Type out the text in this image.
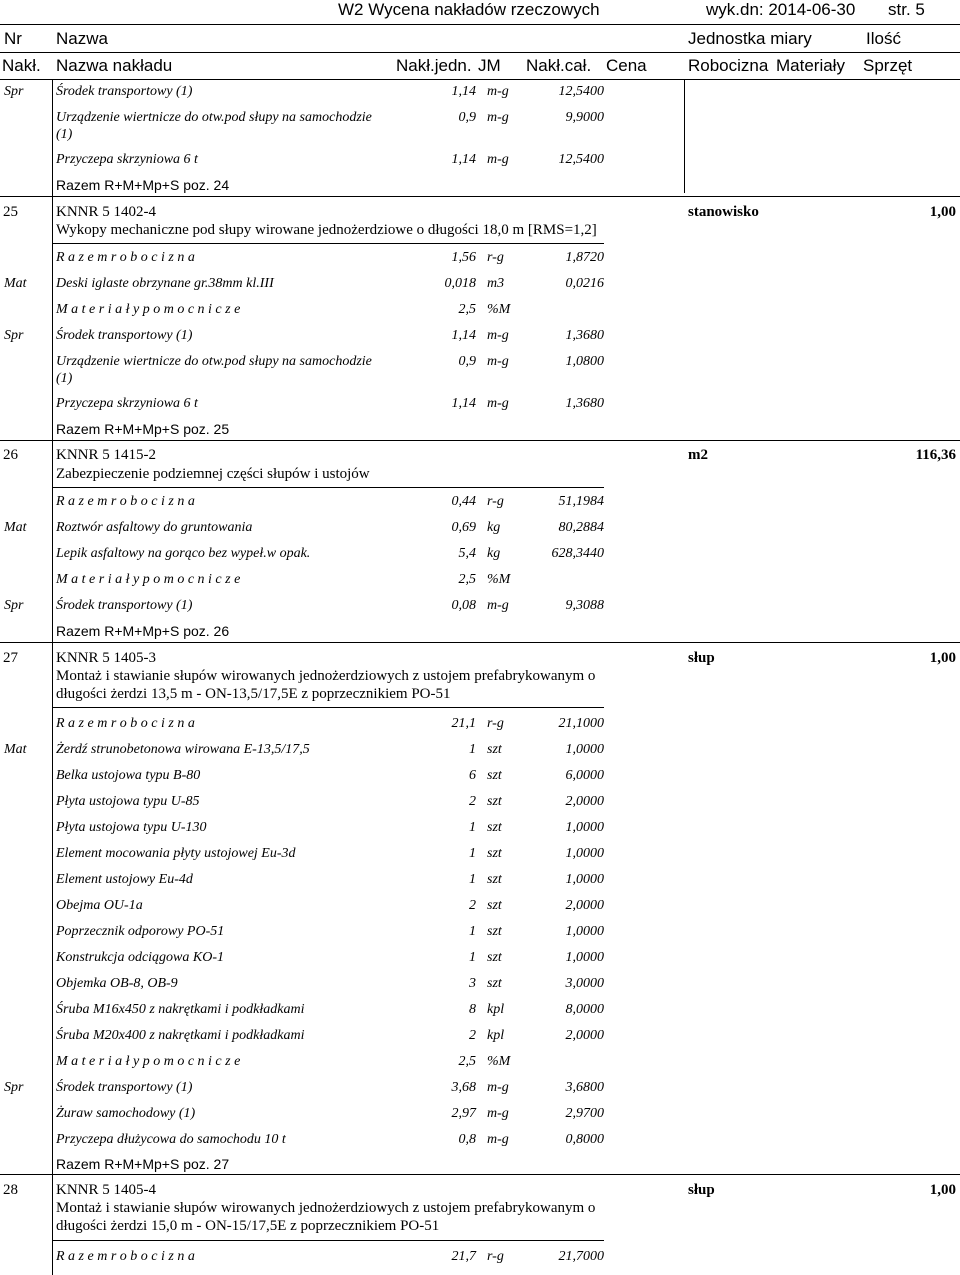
W2 Wycena nakładów rzeczowych	wyk.dn: 2014-06-30 str. 5
Nr Nazwa	Jednostka miary	Ilość
Nakł. Nazwa nakładu	Nakł.jedn. JM Nakł.cał. Cena Robocizna Materiały Sprzęt
Spr Środek transportowy (1)	1,14 m-g	12,5400
Urządzenie wiertnicze do otw.pod słupy na samochodzie
(1)
0,9 m-g	9,9000
Przyczepa skrzyniowa 6 t	1,14 m-g	12,5400
Razem R+M+Mp+S poz. 24
25	KNNR 5 1402-4
Wykopy mechaniczne pod słupy wirowane jednożerdziowe o długości 18,0 m [RMS=1,2]
stanowisko	1,00
R a z e m r o b o c i z n a	1,56 r-g	1,8720
Mat Deski iglaste obrzynane gr.38mm kl.III	0,018 m3	0,0216
M a t e r i a ł y p o m o c n i c z e	2,5 %M
Spr Środek transportowy (1)	1,14 m-g	1,3680
Urządzenie wiertnicze do otw.pod słupy na samochodzie
(1)
0,9 m-g	1,0800
Przyczepa skrzyniowa 6 t	1,14 m-g	1,3680
Razem R+M+Mp+S poz. 25
26	KNNR 5 1415-2
Zabezpieczenie podziemnej części słupów i ustojów
m2	116,36
R a z e m r o b o c i z n a	0,44 r-g	51,1984
Mat Roztwór asfaltowy do gruntowania	0,69 kg	80,2884
Lepik asfaltowy na gorąco bez wypeł.w opak.	5,4 kg	628,3440
M a t e r i a ł y p o m o c n i c z e	2,5 %M
Spr Środek transportowy (1)	0,08 m-g	9,3088
Razem R+M+Mp+S poz. 26
27	KNNR 5 1405-3
Montaż i stawianie słupów wirowanych jednożerdziowych z ustojem prefabrykowanym o
długości żerdzi 13,5 m - ON-13,5/17,5E z poprzecznikiem PO-51
słup	1,00
R a z e m r o b o c i z n a	21,1 r-g	21,1000
Mat Żerdź strunobetonowa wirowana E-13,5/17,5	1 szt	1,0000
Belka ustojowa typu B-80	6 szt	6,0000
Płyta ustojowa typu U-85	2 szt	2,0000
Płyta ustojowa typu U-130	1 szt	1,0000
Element mocowania płyty ustojowej Eu-3d	1 szt	1,0000
Element ustojowy Eu-4d	1 szt	1,0000
Obejma OU-1a	2 szt	2,0000
Poprzecznik odporowy PO-51	1 szt	1,0000
Konstrukcja odciągowa KO-1	1 szt	1,0000
Objemka OB-8, OB-9	3 szt	3,0000
Śruba M16x450 z nakrętkami i podkładkami	8 kpl	8,0000
Śruba M20x400 z nakrętkami i podkładkami	2 kpl	2,0000
M a t e r i a ł y p o m o c n i c z e	2,5 %M
Spr Środek transportowy (1)	3,68 m-g	3,6800
Żuraw samochodowy (1)	2,97 m-g	2,9700
Przyczepa dłużycowa do samochodu 10 t	0,8 m-g	0,8000
Razem R+M+Mp+S poz. 27
28	KNNR 5 1405-4
Montaż i stawianie słupów wirowanych jednożerdziowych z ustojem prefabrykowanym o
długości żerdzi 15,0 m - ON-15/17,5E z poprzecznikiem PO-51
słup	1,00
R a z e m r o b o c i z n a	21,7 r-g	21,7000
